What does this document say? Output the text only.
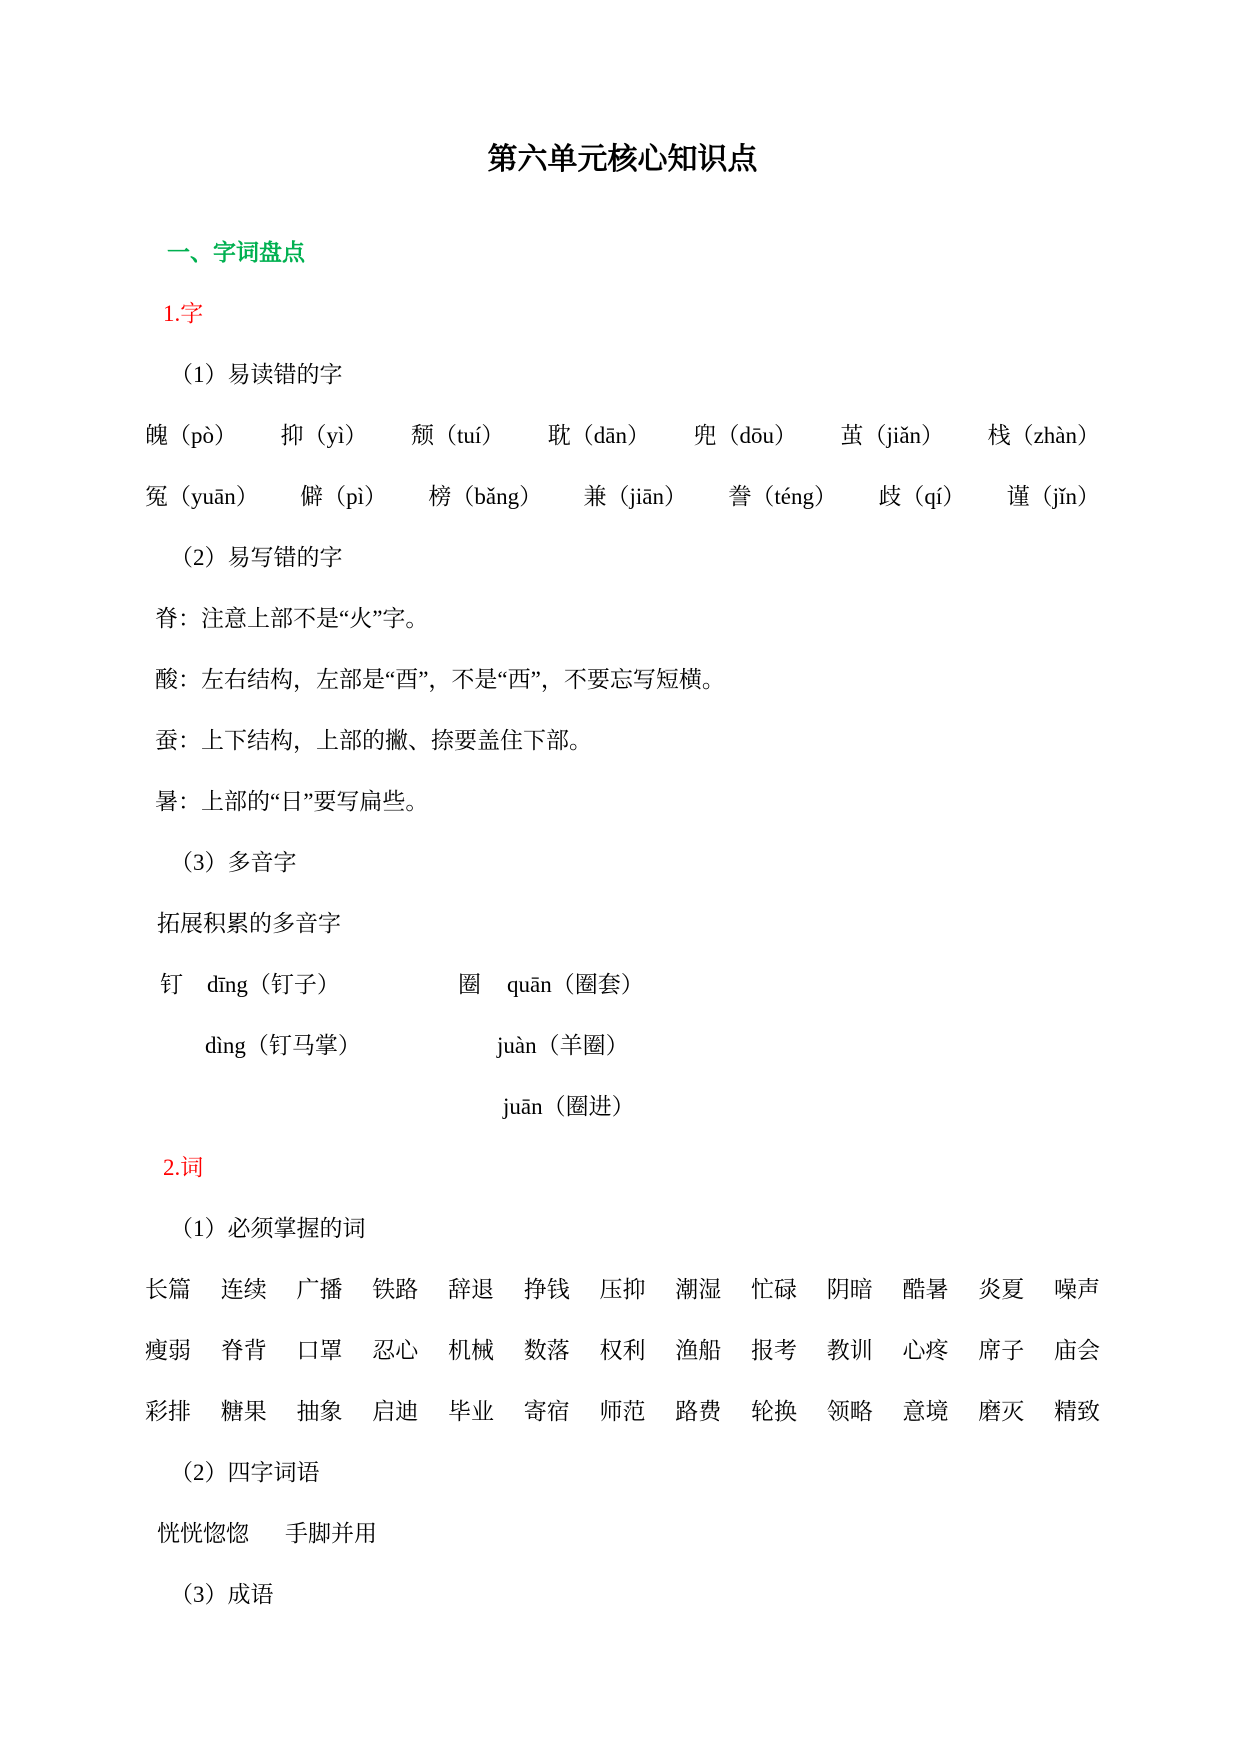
第六单元核心知识点
一、字词盘点
1.字

（1）易读错的字

魄（pò） 抑（yì） 颓（tuí） 耽（dān） 兜（dōu） 茧（jiǎn） 栈（zhàn）
冤（yuān） 僻（pì） 榜（bǎng） 兼（jiān） 誊（téng） 歧（qí） 谨（jǐn）

（2）易写错的字

脊：注意上部不是“火”字。

酸：左右结构，左部是“酉”，不是“西”，不要忘写短横。

蚕：上下结构，上部的撇、捺要盖住下部。

暑：上部的“日”要写扁些。

（3）多音字

拓展积累的多音字

钉 dīng（钉子）	圈 quān（圈套）
dìng（钉马掌）	juàn（羊圈）
juān（圈进）
2.词

（1）必须掌握的词

长篇 连续 广播 铁路 辞退 挣钱 压抑 潮湿 忙碌 阴暗 酷暑 炎夏 噪声
瘦弱 脊背 口罩 忍心 机械 数落 权利 渔船 报考 教训 心疼 席子 庙会
彩排 糖果 抽象 启迪 毕业 寄宿 师范 路费 轮换 领略 意境 磨灭 精致

（2）四字词语

恍恍惚惚 手脚并用

（3）成语
